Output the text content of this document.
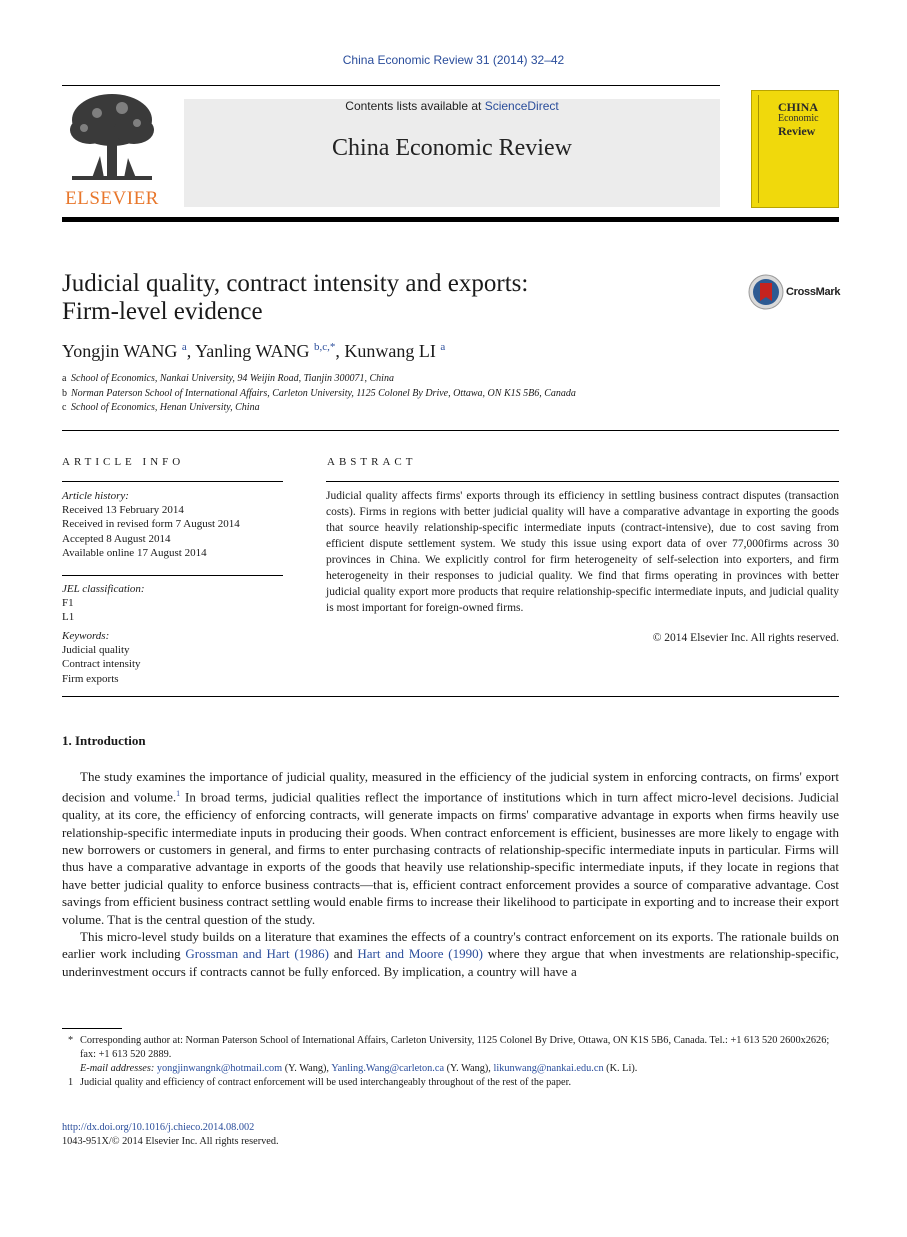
China Economic Review 31 (2014) 32–42
ELSEVIER
Contents lists available at ScienceDirect
China Economic Review
CHINA
Economic
Review
Judicial quality, contract intensity and exports:
Firm-level evidence
CrossMark
Yongjin WANG $^a$, Yanling WANG $^{b,c,*}$, Kunwang LI $^a$
a School of Economics, Nankai University, 94 Weijin Road, Tianjin 300071, China
b Norman Paterson School of International Affairs, Carleton University, 1125 Colonel By Drive, Ottawa, ON K1S 5B6, Canada
c School of Economics, Henan University, China
ARTICLE INFO
Article history:
Received 13 February 2014
Received in revised form 7 August 2014
Accepted 8 August 2014
Available online 17 August 2014
JEL classification:
F1
L1
Keywords:
Judicial quality
Contract intensity
Firm exports
ABSTRACT
Judicial quality affects firms' exports through its efficiency in settling business contract disputes (transaction costs). Firms in regions with better judicial quality will have a comparative advantage in exporting the goods that source heavily relationship-specific intermediate inputs (contract-intensive), due to cost saving from efficient dispute settlement system. We study this issue using export data of over 77,000firms across 30 provinces in China. We explicitly control for firm heterogeneity of self-selection into exporters, and firm heterogeneity in their responses to judicial quality. We find that firms operating in provinces with better judicial quality export more products that require relationship-specific intermediate inputs, and judicial quality is most important for foreign-owned firms.
© 2014 Elsevier Inc. All rights reserved.
1. Introduction

The study examines the importance of judicial quality, measured in the efficiency of the judicial system in enforcing contracts, on firms' export decision and volume.$^1$ In broad terms, judicial qualities reflect the importance of institutions which in turn affect micro-level decisions. Judicial quality, at its core, the efficiency of enforcing contracts, will generate impacts on firms' comparative advantage in exports when firms heavily use relationship-specific intermediate inputs in producing their goods. When contract enforcement is efficient, businesses are more likely to engage with new borrowers or customers in general, and firms to enter purchasing contracts of relationship-specific intermediate inputs in particular. Firms will thus have a comparative advantage in exports of the goods that heavily use relationship-specific intermediate inputs, if they locate in regions that have better judicial quality to enforce business contracts—that is, efficient contract enforcement provides a source of comparative advantage. Cost savings from efficient business contract settling would enable firms to increase their likelihood to participate in exporting and to increase their export volume. That is the central question of the study.

This micro-level study builds on a literature that examines the effects of a country's contract enforcement on its exports. The rationale builds on earlier work including Grossman and Hart (1986) and Hart and Moore (1990) where they argue that when investments are relationship-specific, underinvestment occurs if contracts cannot be fully enforced. By implication, a country will have a

* Corresponding author at: Norman Paterson School of International Affairs, Carleton University, 1125 Colonel By Drive, Ottawa, ON K1S 5B6, Canada. Tel.: +1 613 520 2600x2626; fax: +1 613 520 2889.
E-mail addresses: yongjinwangnk@hotmail.com (Y. Wang), Yanling.Wang@carleton.ca (Y. Wang), likunwang@nankai.edu.cn (K. Li).
1 Judicial quality and efficiency of contract enforcement will be used interchangeably throughout of the rest of the paper.
http://dx.doi.org/10.1016/j.chieco.2014.08.002
1043-951X/© 2014 Elsevier Inc. All rights reserved.
